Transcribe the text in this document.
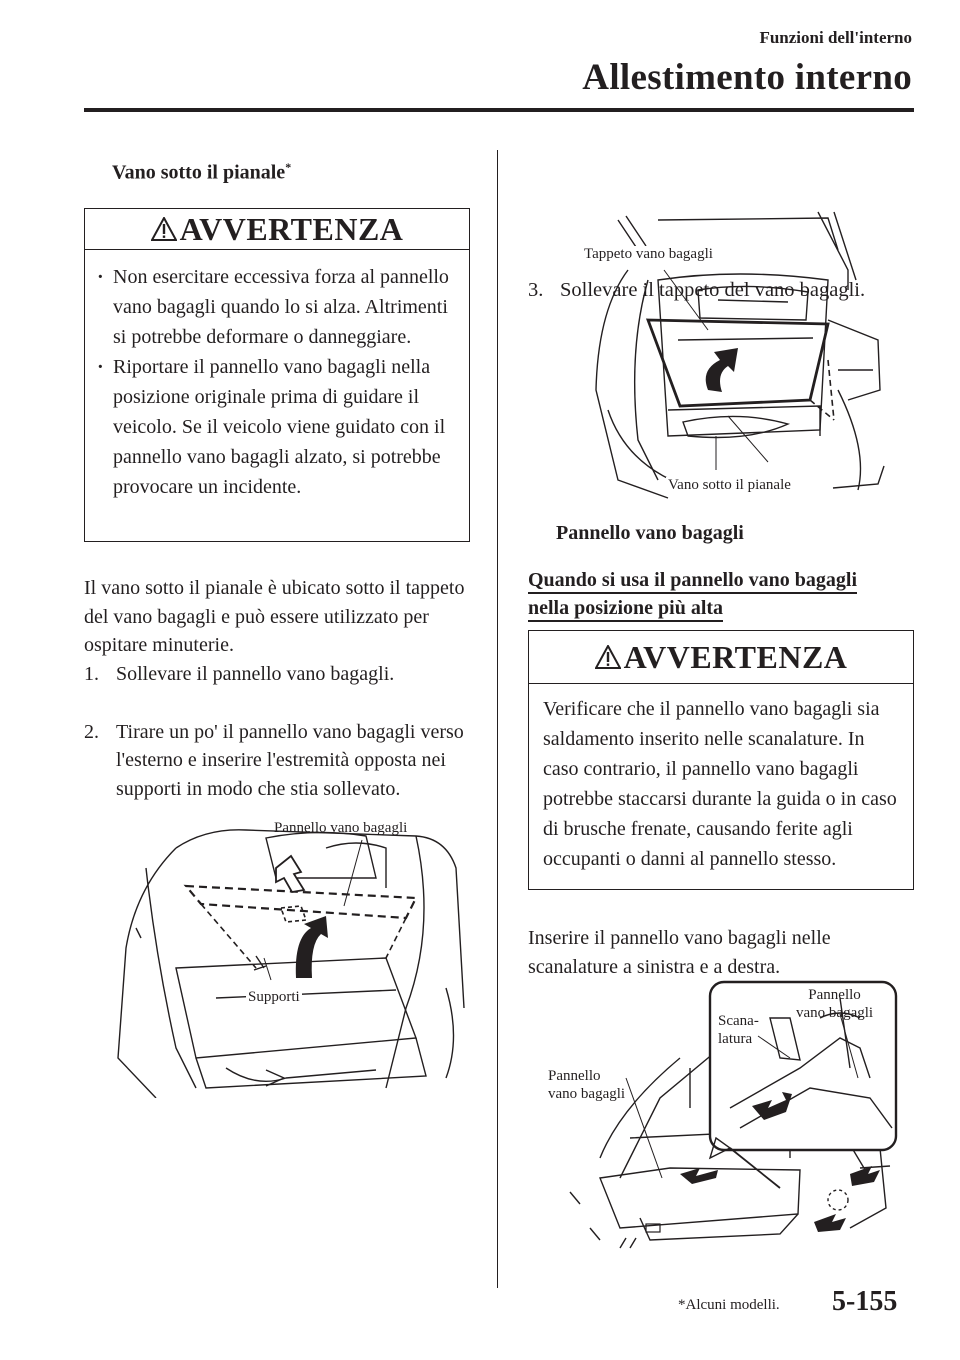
Funzioni dell'interno
Allestimento interno
Vano sotto il pianale*
AVVERTENZA
· Non esercitare eccessiva forza al pannello vano bagagli quando lo si alza. Altrimenti si potrebbe deformare o danneggiare.
· Riportare il pannello vano bagagli nella posizione originale prima di guidare il veicolo. Se il veicolo viene guidato con il pannello vano bagagli alzato, si potrebbe provocare un incidente.
Il vano sotto il pianale è ubicato sotto il tappeto del vano bagagli e può essere utilizzato per ospitare minuterie.
1. Sollevare il pannello vano bagagli.
2. Tirare un po' il pannello vano bagagli verso l'esterno e inserire l'estremità opposta nei supporti in modo che stia sollevato.
Pannello vano bagagli
Supporti
3. Sollevare il tappeto del vano bagagli.
Tappeto vano bagagli
Vano sotto il pianale
Pannello vano bagagli
Quando si usa il pannello vano bagagli
nella posizione più alta
AVVERTENZA
Verificare che il pannello vano bagagli sia saldamento inserito nelle scanalature. In caso contrario, il pannello vano bagagli potrebbe staccarsi durante la guida o in caso di brusche frenate, causando ferite agli occupanti o danni al pannello stesso.
Inserire il pannello vano bagagli nelle scanalature a sinistra e a destra.
Pannello
vano bagagli
Scana-
latura
Pannello
vano bagagli
*Alcuni modelli. 5-155
